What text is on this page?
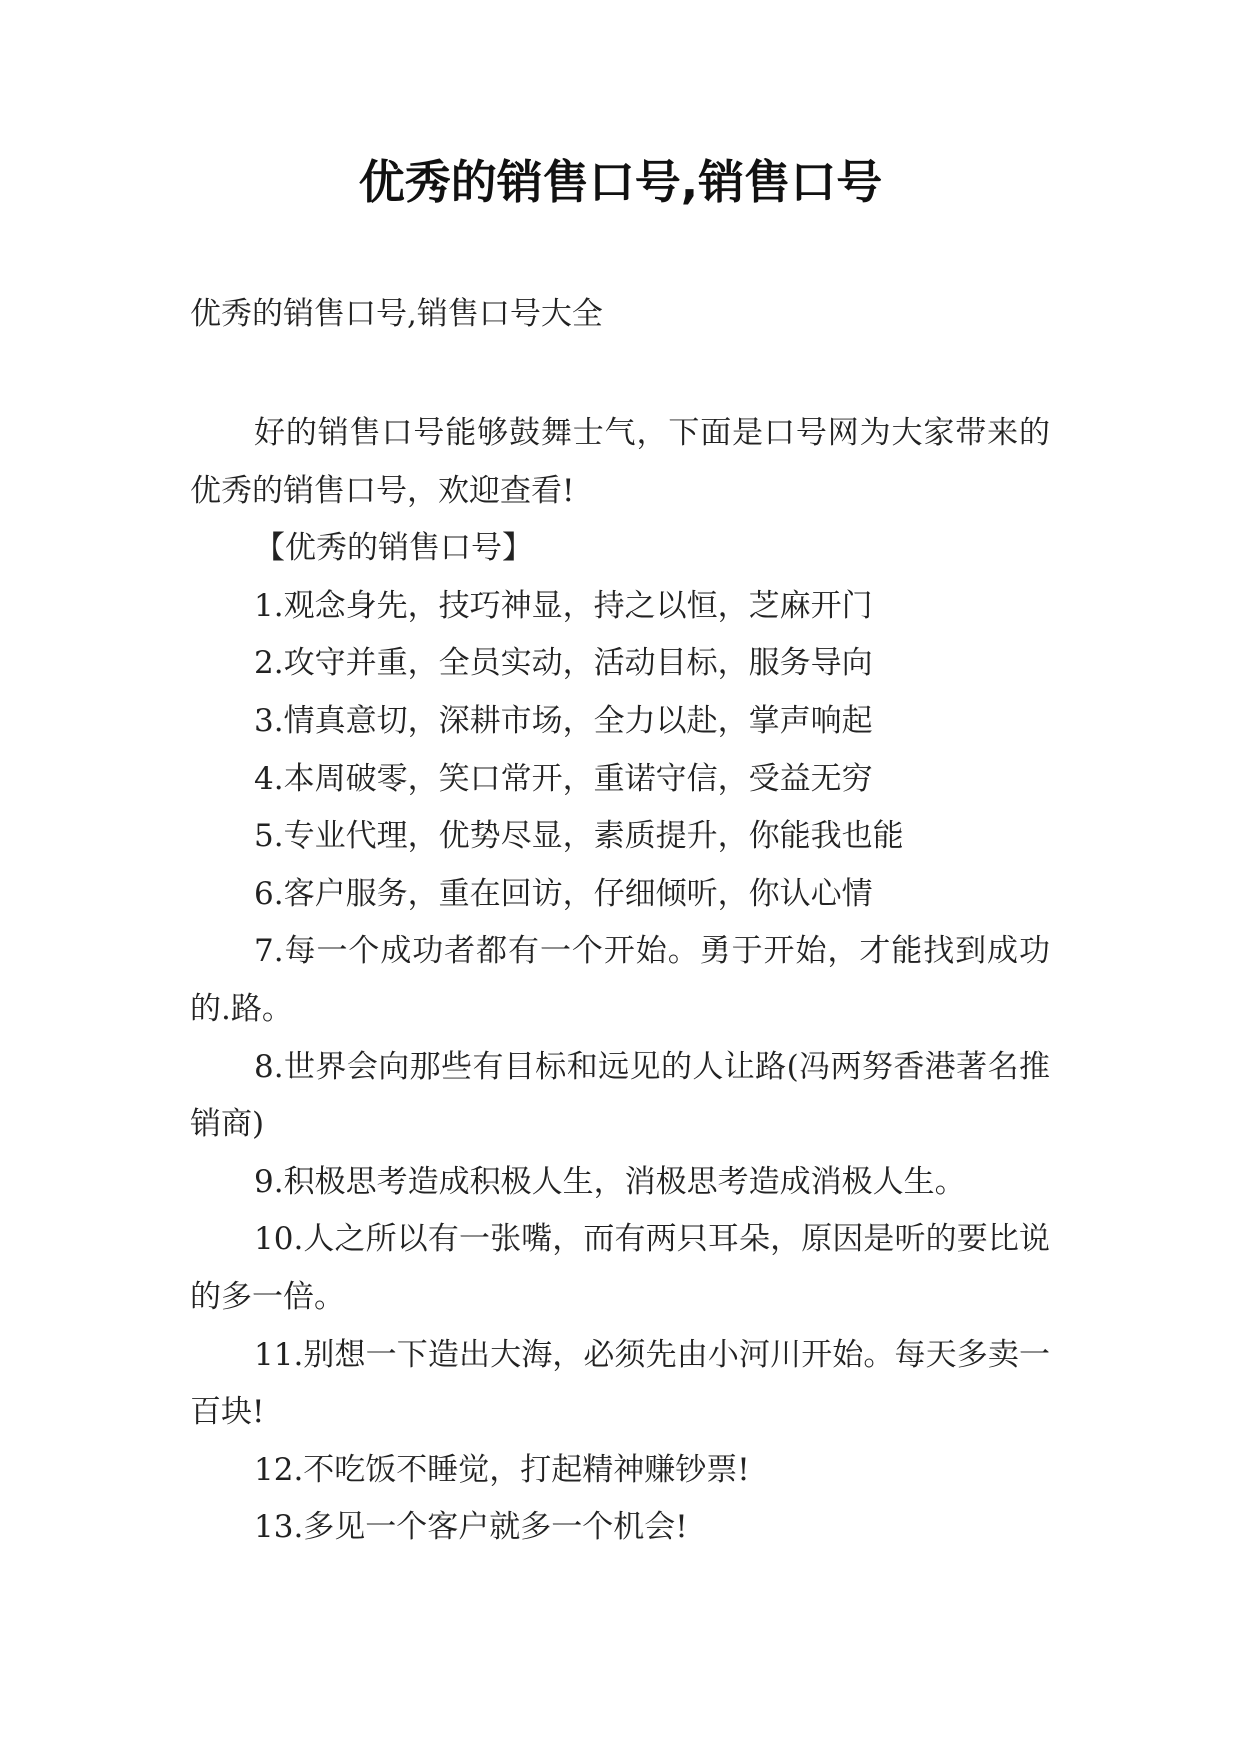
优秀的销售口号,销售口号

优秀的销售口号,销售口号大全

好的销售口号能够鼓舞士气，下面是口号网为大家带来的优秀的销售口号，欢迎查看!

【优秀的销售口号】

1.观念身先，技巧神显，持之以恒，芝麻开门

2.攻守并重，全员实动，活动目标，服务导向

3.情真意切，深耕市场，全力以赴，掌声响起

4.本周破零，笑口常开，重诺守信，受益无穷

5.专业代理，优势尽显，素质提升，你能我也能

6.客户服务，重在回访，仔细倾听，你认心情

7.每一个成功者都有一个开始。勇于开始，才能找到成功的.路。

8.世界会向那些有目标和远见的人让路(冯两努香港著名推销商)

9.积极思考造成积极人生，消极思考造成消极人生。

10.人之所以有一张嘴，而有两只耳朵，原因是听的要比说的多一倍。

11.别想一下造出大海，必须先由小河川开始。每天多卖一百块!

12.不吃饭不睡觉，打起精神赚钞票!

13.多见一个客户就多一个机会!
